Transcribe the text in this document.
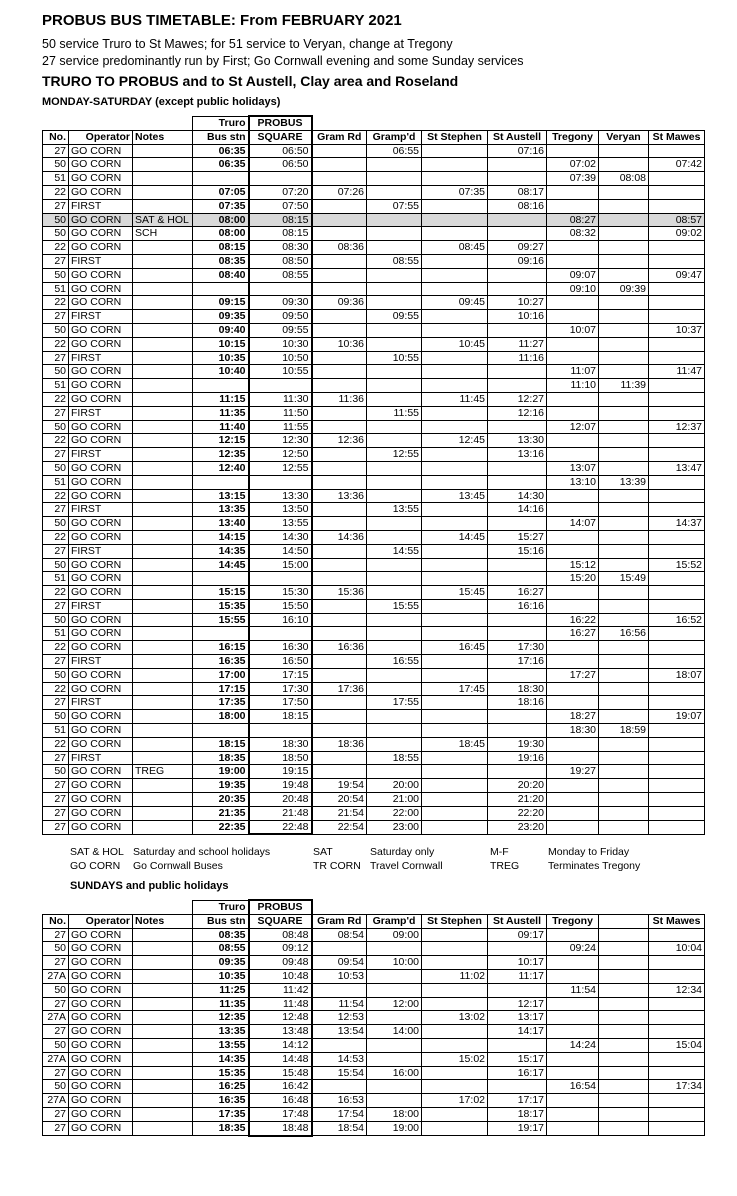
PROBUS BUS TIMETABLE: From FEBRUARY 2021
50 service Truro to St Mawes; for 51 service to Veryan, change at Tregony
27 service predominantly run by First; Go Cornwall evening and some Sunday services
TRURO TO PROBUS and to St Austell, Clay area and Roseland
MONDAY-SATURDAY (except public holidays)
			Truro	PROBUS							
No.	Operator	Notes	Bus stn	SQUARE	Gram Rd	Gramp'd	St Stephen	St Austell	Tregony	Veryan	St Mawes
27	GO CORN		06:35	06:50		06:55		07:16			
50	GO CORN		06:35	06:50					07:02		07:42
51	GO CORN								07:39	08:08	
22	GO CORN		07:05	07:20	07:26		07:35	08:17			
27	FIRST		07:35	07:50		07:55		08:16			
50	GO CORN	SAT & HOL	08:00	08:15					08:27		08:57
50	GO CORN	SCH	08:00	08:15					08:32		09:02
22	GO CORN		08:15	08:30	08:36		08:45	09:27			
27	FIRST		08:35	08:50		08:55		09:16			
50	GO CORN		08:40	08:55					09:07		09:47
51	GO CORN								09:10	09:39	
22	GO CORN		09:15	09:30	09:36		09:45	10:27			
27	FIRST		09:35	09:50		09:55		10:16			
50	GO CORN		09:40	09:55					10:07		10:37
22	GO CORN		10:15	10:30	10:36		10:45	11:27			
27	FIRST		10:35	10:50		10:55		11:16			
50	GO CORN		10:40	10:55					11:07		11:47
51	GO CORN								11:10	11:39	
22	GO CORN		11:15	11:30	11:36		11:45	12:27			
27	FIRST		11:35	11:50		11:55		12:16			
50	GO CORN		11:40	11:55					12:07		12:37
22	GO CORN		12:15	12:30	12:36		12:45	13:30			
27	FIRST		12:35	12:50		12:55		13:16			
50	GO CORN		12:40	12:55					13:07		13:47
51	GO CORN								13:10	13:39	
22	GO CORN		13:15	13:30	13:36		13:45	14:30			
27	FIRST		13:35	13:50		13:55		14:16			
50	GO CORN		13:40	13:55					14:07		14:37
22	GO CORN		14:15	14:30	14:36		14:45	15:27			
27	FIRST		14:35	14:50		14:55		15:16			
50	GO CORN		14:45	15:00					15:12		15:52
51	GO CORN								15:20	15:49	
22	GO CORN		15:15	15:30	15:36		15:45	16:27			
27	FIRST		15:35	15:50		15:55		16:16			
50	GO CORN		15:55	16:10					16:22		16:52
51	GO CORN								16:27	16:56	
22	GO CORN		16:15	16:30	16:36		16:45	17:30			
27	FIRST		16:35	16:50		16:55		17:16			
50	GO CORN		17:00	17:15					17:27		18:07
22	GO CORN		17:15	17:30	17:36		17:45	18:30			
27	FIRST		17:35	17:50		17:55		18:16			
50	GO CORN		18:00	18:15					18:27		19:07
51	GO CORN								18:30	18:59	
22	GO CORN		18:15	18:30	18:36		18:45	19:30			
27	FIRST		18:35	18:50		18:55		19:16			
50	GO CORN	TREG	19:00	19:15					19:27		
27	GO CORN		19:35	19:48	19:54	20:00		20:20			
27	GO CORN		20:35	20:48	20:54	21:00		21:20			
27	GO CORN		21:35	21:48	21:54	22:00		22:20			
27	GO CORN		22:35	22:48	22:54	23:00		23:20			
SAT & HOL Saturday and school holidays	SAT	Saturday only	M-F	Monday to Friday
GO CORN Go Cornwall Buses	TR CORN Travel Cornwall	TREG	Terminates Tregony
SUNDAYS and public holidays
			Truro	PROBUS							
No.	Operator	Notes	Bus stn	SQUARE	Gram Rd	Gramp'd	St Stephen	St Austell	Tregony		St Mawes
27	GO CORN		08:35	08:48	08:54	09:00		09:17			
50	GO CORN		08:55	09:12					09:24		10:04
27	GO CORN		09:35	09:48	09:54	10:00		10:17			
27A	GO CORN		10:35	10:48	10:53		11:02	11:17			
50	GO CORN		11:25	11:42					11:54		12:34
27	GO CORN		11:35	11:48	11:54	12:00		12:17			
27A	GO CORN		12:35	12:48	12:53		13:02	13:17			
27	GO CORN		13:35	13:48	13:54	14:00		14:17			
50	GO CORN		13:55	14:12					14:24		15:04
27A	GO CORN		14:35	14:48	14:53		15:02	15:17			
27	GO CORN		15:35	15:48	15:54	16:00		16:17			
50	GO CORN		16:25	16:42					16:54		17:34
27A	GO CORN		16:35	16:48	16:53		17:02	17:17			
27	GO CORN		17:35	17:48	17:54	18:00		18:17			
27	GO CORN		18:35	18:48	18:54	19:00		19:17			
